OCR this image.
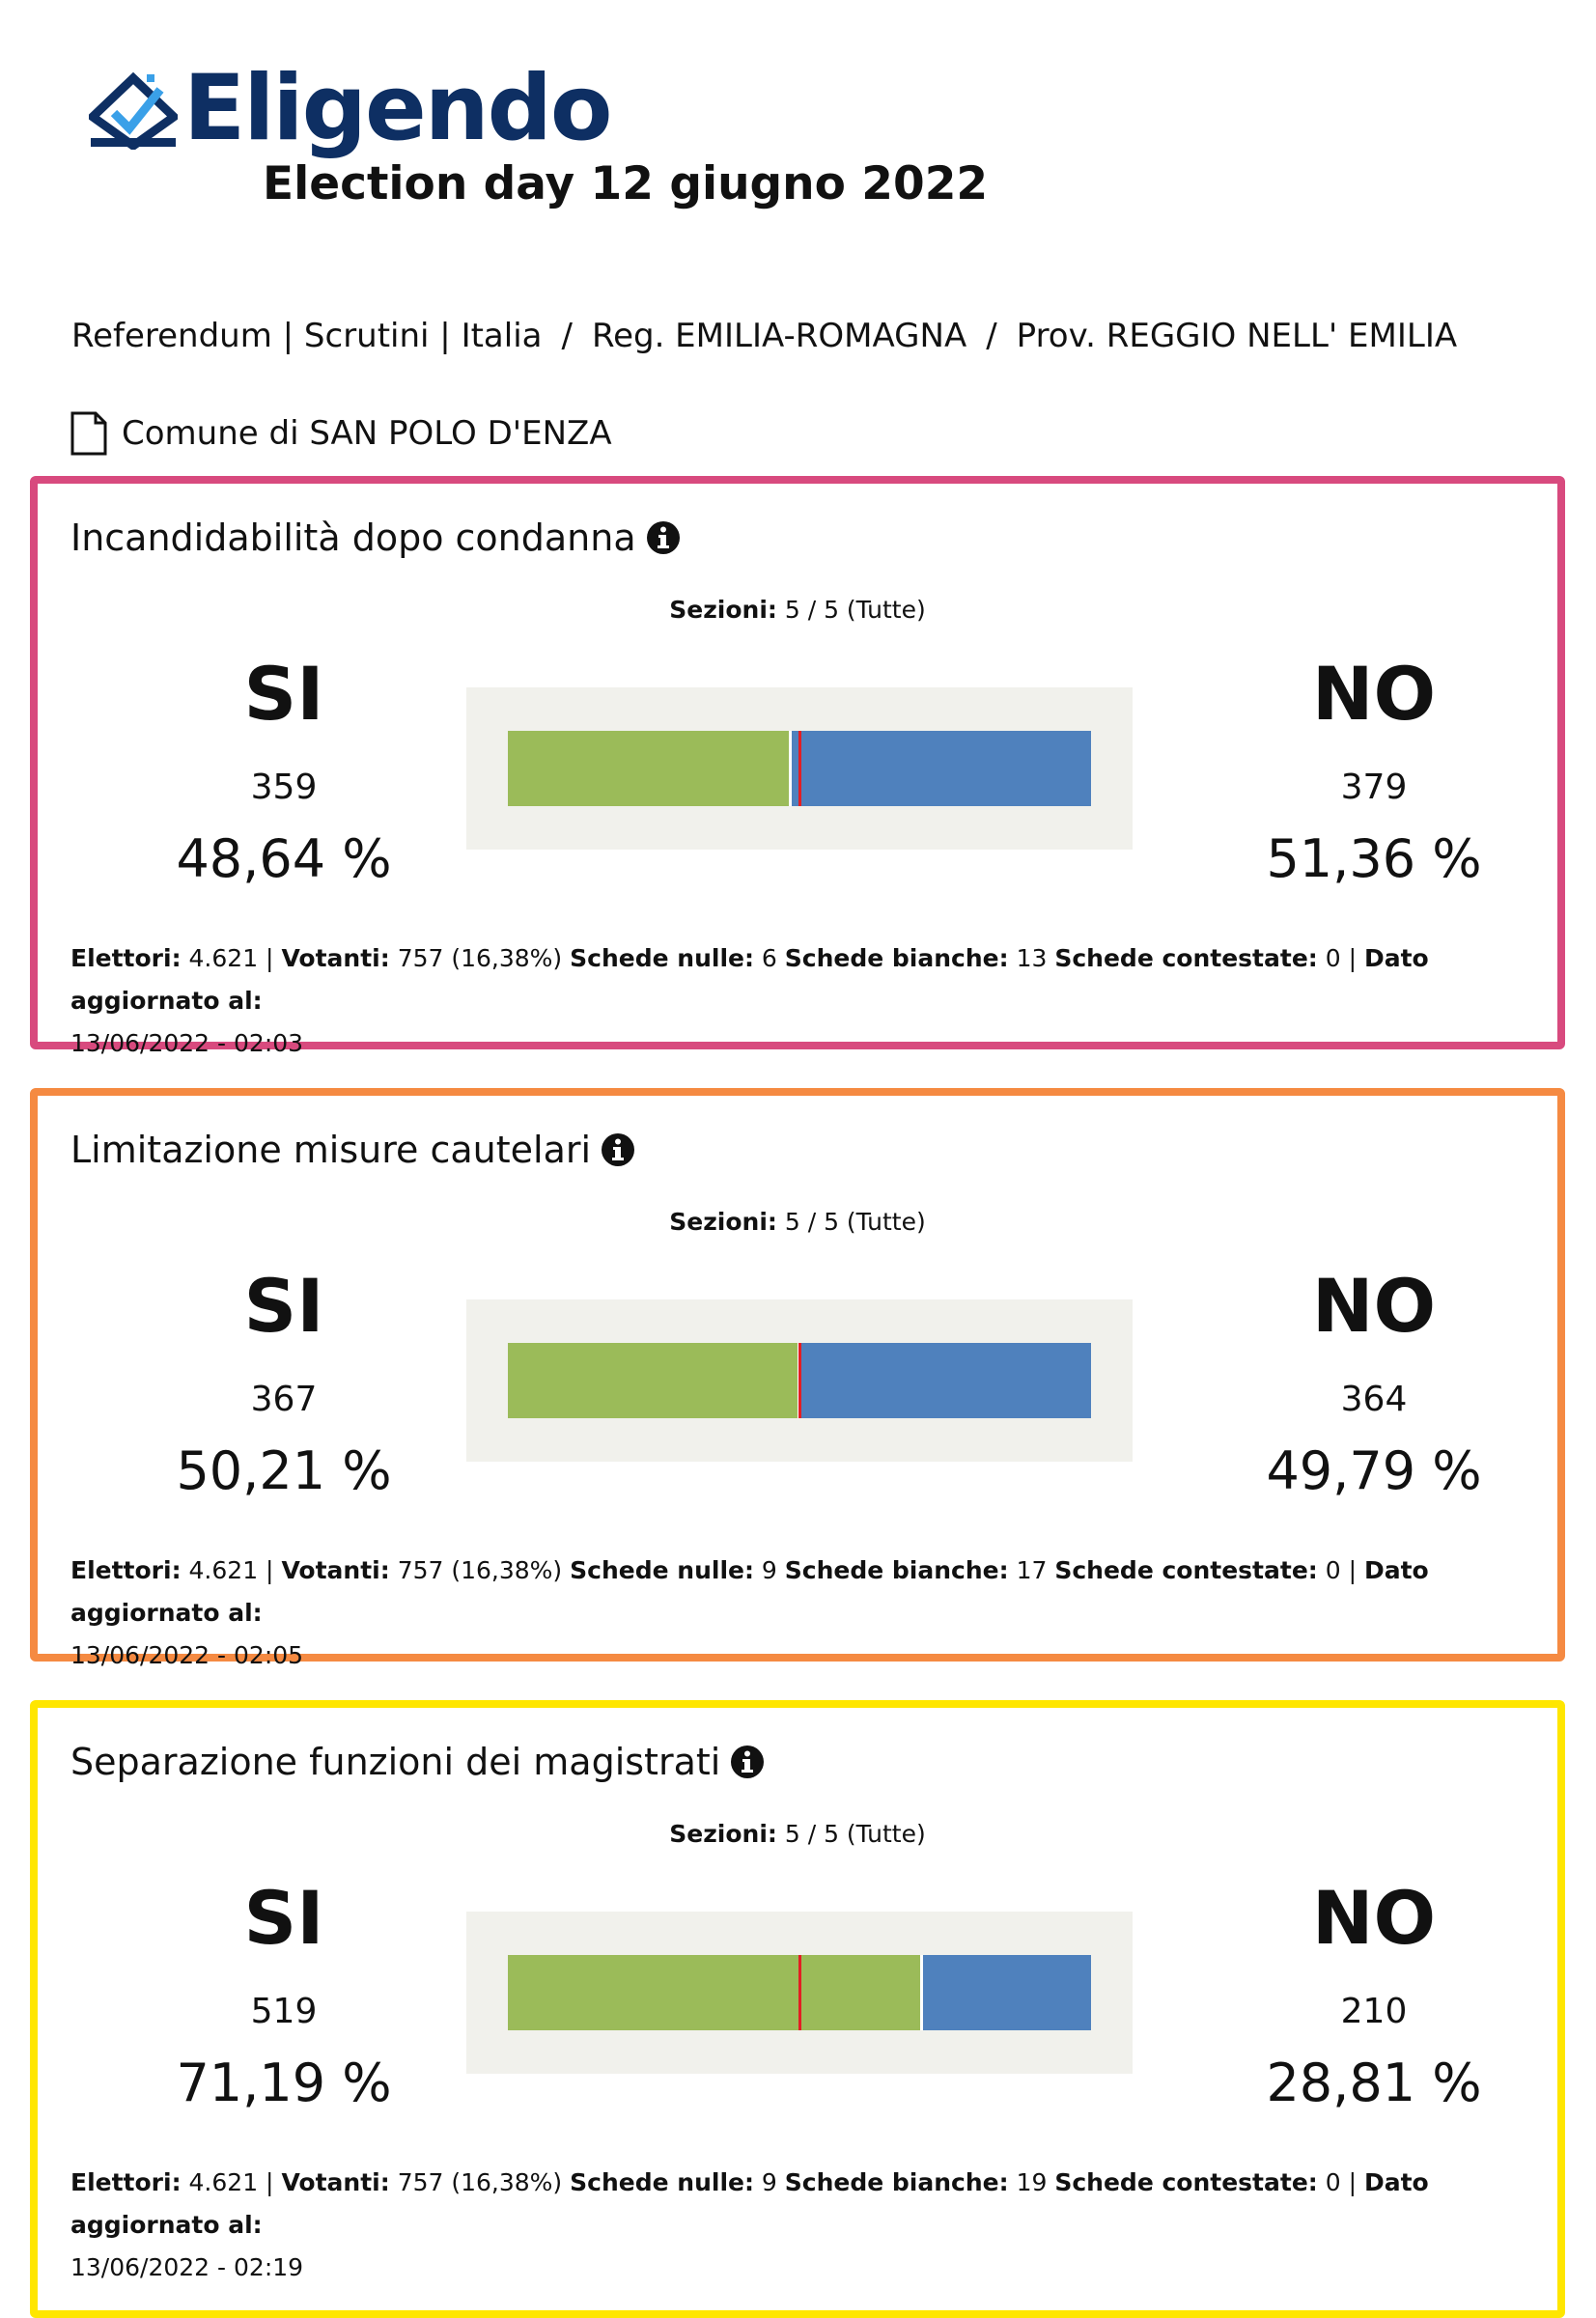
Eligendo
Election day 12 giugno 2022
Referendum | Scrutini | Italia / Reg. EMILIA-ROMAGNA / Prov. REGGIO NELL' EMILIA
Comune di SAN POLO D'ENZA
Incandidabilità dopo condanna
Sezioni: 5 / 5 (Tutte)
SI
359
48,64 %
NO
379
51,36 %
Elettori: 4.621 | Votanti: 757 (16,38%) Schede nulle: 6 Schede bianche: 13 Schede contestate: 0 | Dato aggiornato al:
13/06/2022 - 02:03
Limitazione misure cautelari
Sezioni: 5 / 5 (Tutte)
SI
367
50,21 %
NO
364
49,79 %
Elettori: 4.621 | Votanti: 757 (16,38%) Schede nulle: 9 Schede bianche: 17 Schede contestate: 0 | Dato aggiornato al:
13/06/2022 - 02:05
Separazione funzioni dei magistrati
Sezioni: 5 / 5 (Tutte)
SI
519
71,19 %
NO
210
28,81 %
Elettori: 4.621 | Votanti: 757 (16,38%) Schede nulle: 9 Schede bianche: 19 Schede contestate: 0 | Dato aggiornato al:
13/06/2022 - 02:19
